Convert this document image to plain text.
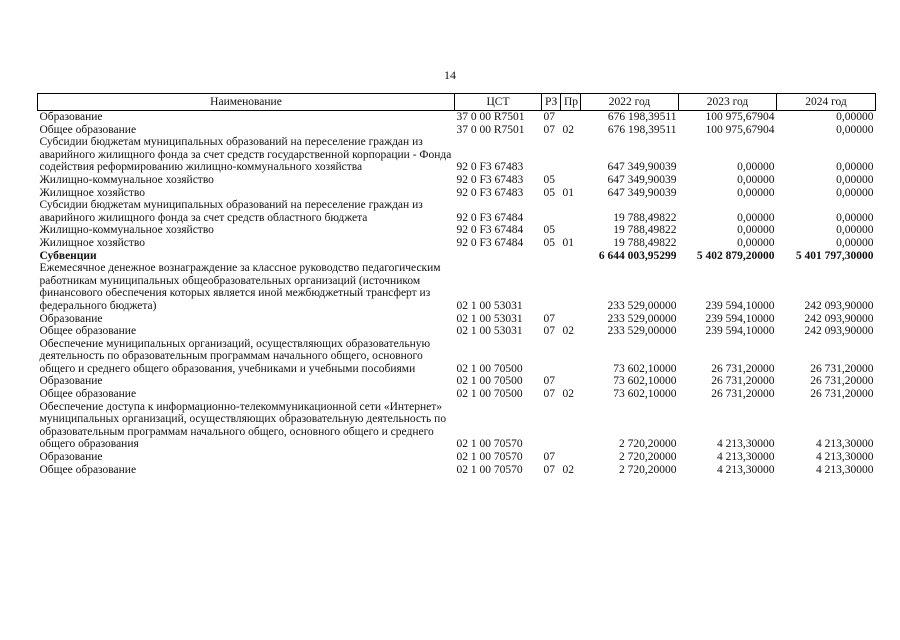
14
Наименование	ЦСТ	РЗ	Пр	2022 год	2023 год	2024 год
Образование	37 0 00 R7501	07		676 198,39511	100 975,67904	0,00000
Общее образование	37 0 00 R7501	07	02	676 198,39511	100 975,67904	0,00000
Субсидии бюджетам муниципальных образований на переселение граждан из аварийного жилищного фонда за счет средств государственной корпорации - Фонда содействия реформированию жилищно-коммунального хозяйства	92 0 F3 67483			647 349,90039	0,00000	0,00000
Жилищно-коммунальное хозяйство	92 0 F3 67483	05		647 349,90039	0,00000	0,00000
Жилищное хозяйство	92 0 F3 67483	05	01	647 349,90039	0,00000	0,00000
Субсидии бюджетам муниципальных образований на переселение граждан из аварийного жилищного фонда за счет средств областного бюджета	92 0 F3 67484			19 788,49822	0,00000	0,00000
Жилищно-коммунальное хозяйство	92 0 F3 67484	05		19 788,49822	0,00000	0,00000
Жилищное хозяйство	92 0 F3 67484	05	01	19 788,49822	0,00000	0,00000
Субвенции				6 644 003,95299	5 402 879,20000	5 401 797,30000
Ежемесячное денежное вознаграждение за классное руководство педагогическим работникам муниципальных общеобразовательных организаций (источником финансового обеспечения которых является иной межбюджетный трансферт из федерального бюджета)	02 1 00 53031			233 529,00000	239 594,10000	242 093,90000
Образование	02 1 00 53031	07		233 529,00000	239 594,10000	242 093,90000
Общее образование	02 1 00 53031	07	02	233 529,00000	239 594,10000	242 093,90000
Обеспечение муниципальных организаций, осуществляющих образовательную деятельность по образовательным программам начального общего, основного общего и среднего общего образования, учебниками и учебными пособиями	02 1 00 70500			73 602,10000	26 731,20000	26 731,20000
Образование	02 1 00 70500	07		73 602,10000	26 731,20000	26 731,20000
Общее образование	02 1 00 70500	07	02	73 602,10000	26 731,20000	26 731,20000
Обеспечение доступа к информационно-телекоммуникационной сети «Интернет» муниципальных организаций, осуществляющих образовательную деятельность по образовательным программам начального общего, основного общего и среднего общего образования	02 1 00 70570			2 720,20000	4 213,30000	4 213,30000
Образование	02 1 00 70570	07		2 720,20000	4 213,30000	4 213,30000
Общее образование	02 1 00 70570	07	02	2 720,20000	4 213,30000	4 213,30000
